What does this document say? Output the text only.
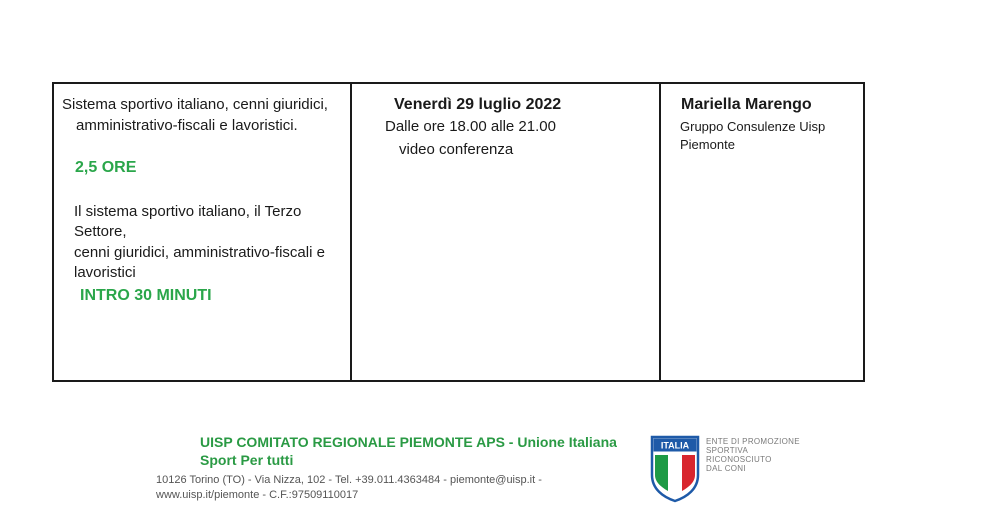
Sistema sportivo italiano, cenni giuridici,
amministrativo-fiscali e lavoristici.
2,5 ORE
Il sistema sportivo italiano, il Terzo
Settore,
cenni giuridici, amministrativo-fiscali e
lavoristici
INTRO 30 MINUTI
Venerdì 29 luglio 2022
Dalle ore 18.00 alle 21.00
video conferenza
Mariella Marengo
Gruppo Consulenze Uisp
Piemonte
UISP COMITATO REGIONALE PIEMONTE APS - Unione Italiana
Sport Per tutti
10126 Torino (TO) - Via Nizza, 102 - Tel. +39.011.4363484 - piemonte@uisp.it -
www.uisp.it/piemonte - C.F.:97509110017
ITALIA ENTE DI PROMOZIONE
SPORTIVA
RICONOSCIUTO
DAL CONI
